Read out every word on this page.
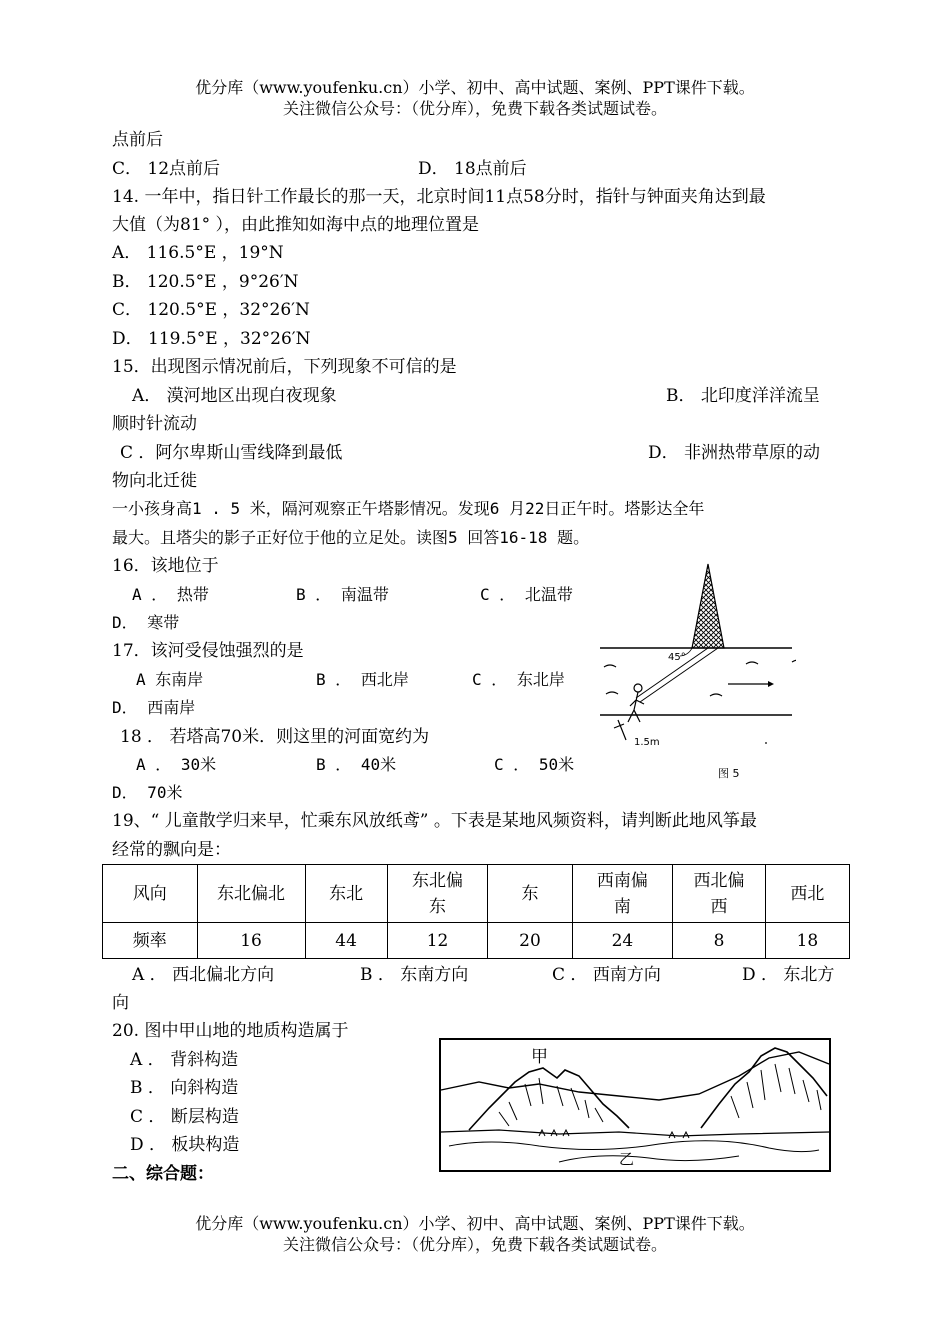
优分库（www.youfenku.cn）小学、初中、高中试题、案例、PPT课件下载。
关注微信公众号：（优分库），免费下载各类试题试卷。
点前后
C． 12点前后	D． 18点前后
14. 一年中，指日针工作最长的那一天，北京时间11点58分时，指针与钟面夹角达到最
大值（为81° ），由此推知如海中点的地理位置是
A． 116.5°E ，19°N
B． 120.5°E ，9°26′N
C． 120.5°E ，32°26′N
D． 119.5°E ，32°26′N
15．出现图示情况前后，下列现象不可信的是
A． 漠河地区出现白夜现象	B． 北印度洋洋流呈
顺时针流动
C ．阿尔卑斯山雪线降到最低	D． 非洲热带草原的动
物向北迁徙
一小孩身高1 . 5 米，隔河观察正午塔影情况。发现6 月22日正午时。塔影达全年
最大。且塔尖的影子正好位于他的立足处。读图5 回答16-18 题。
16．该地位于
A ． 热带	B ． 南温带	C ． 北温带
D． 寒带
17．该河受侵蚀强烈的是
A 东南岸	B ． 西北岸	C ． 东北岸
D． 西南岸
18 ． 若塔高70米．则这里的河面宽约为
A ． 30米	B ． 40米	C ． 50米
D． 70米
45°
1.5m
图 5
19、“ 儿童散学归来早，忙乘东风放纸鸢” 。下表是某地风频资料，请判断此地风筝最
经常的飘向是：
风向	东北偏北	东北	东北偏东	东	西南偏南	西北偏西	西北
频率	16	44	12	20	24	8	18
A ． 西北偏北方向	B ． 东南方向	C ． 西南方向	D ． 东北方
向
20. 图中甲山地的地质构造属于
A ． 背斜构造
B ． 向斜构造
C ． 断层构造
D ． 板块构造
甲
乙
二、综合题：
优分库（www.youfenku.cn）小学、初中、高中试题、案例、PPT课件下载。
关注微信公众号：（优分库），免费下载各类试题试卷。
